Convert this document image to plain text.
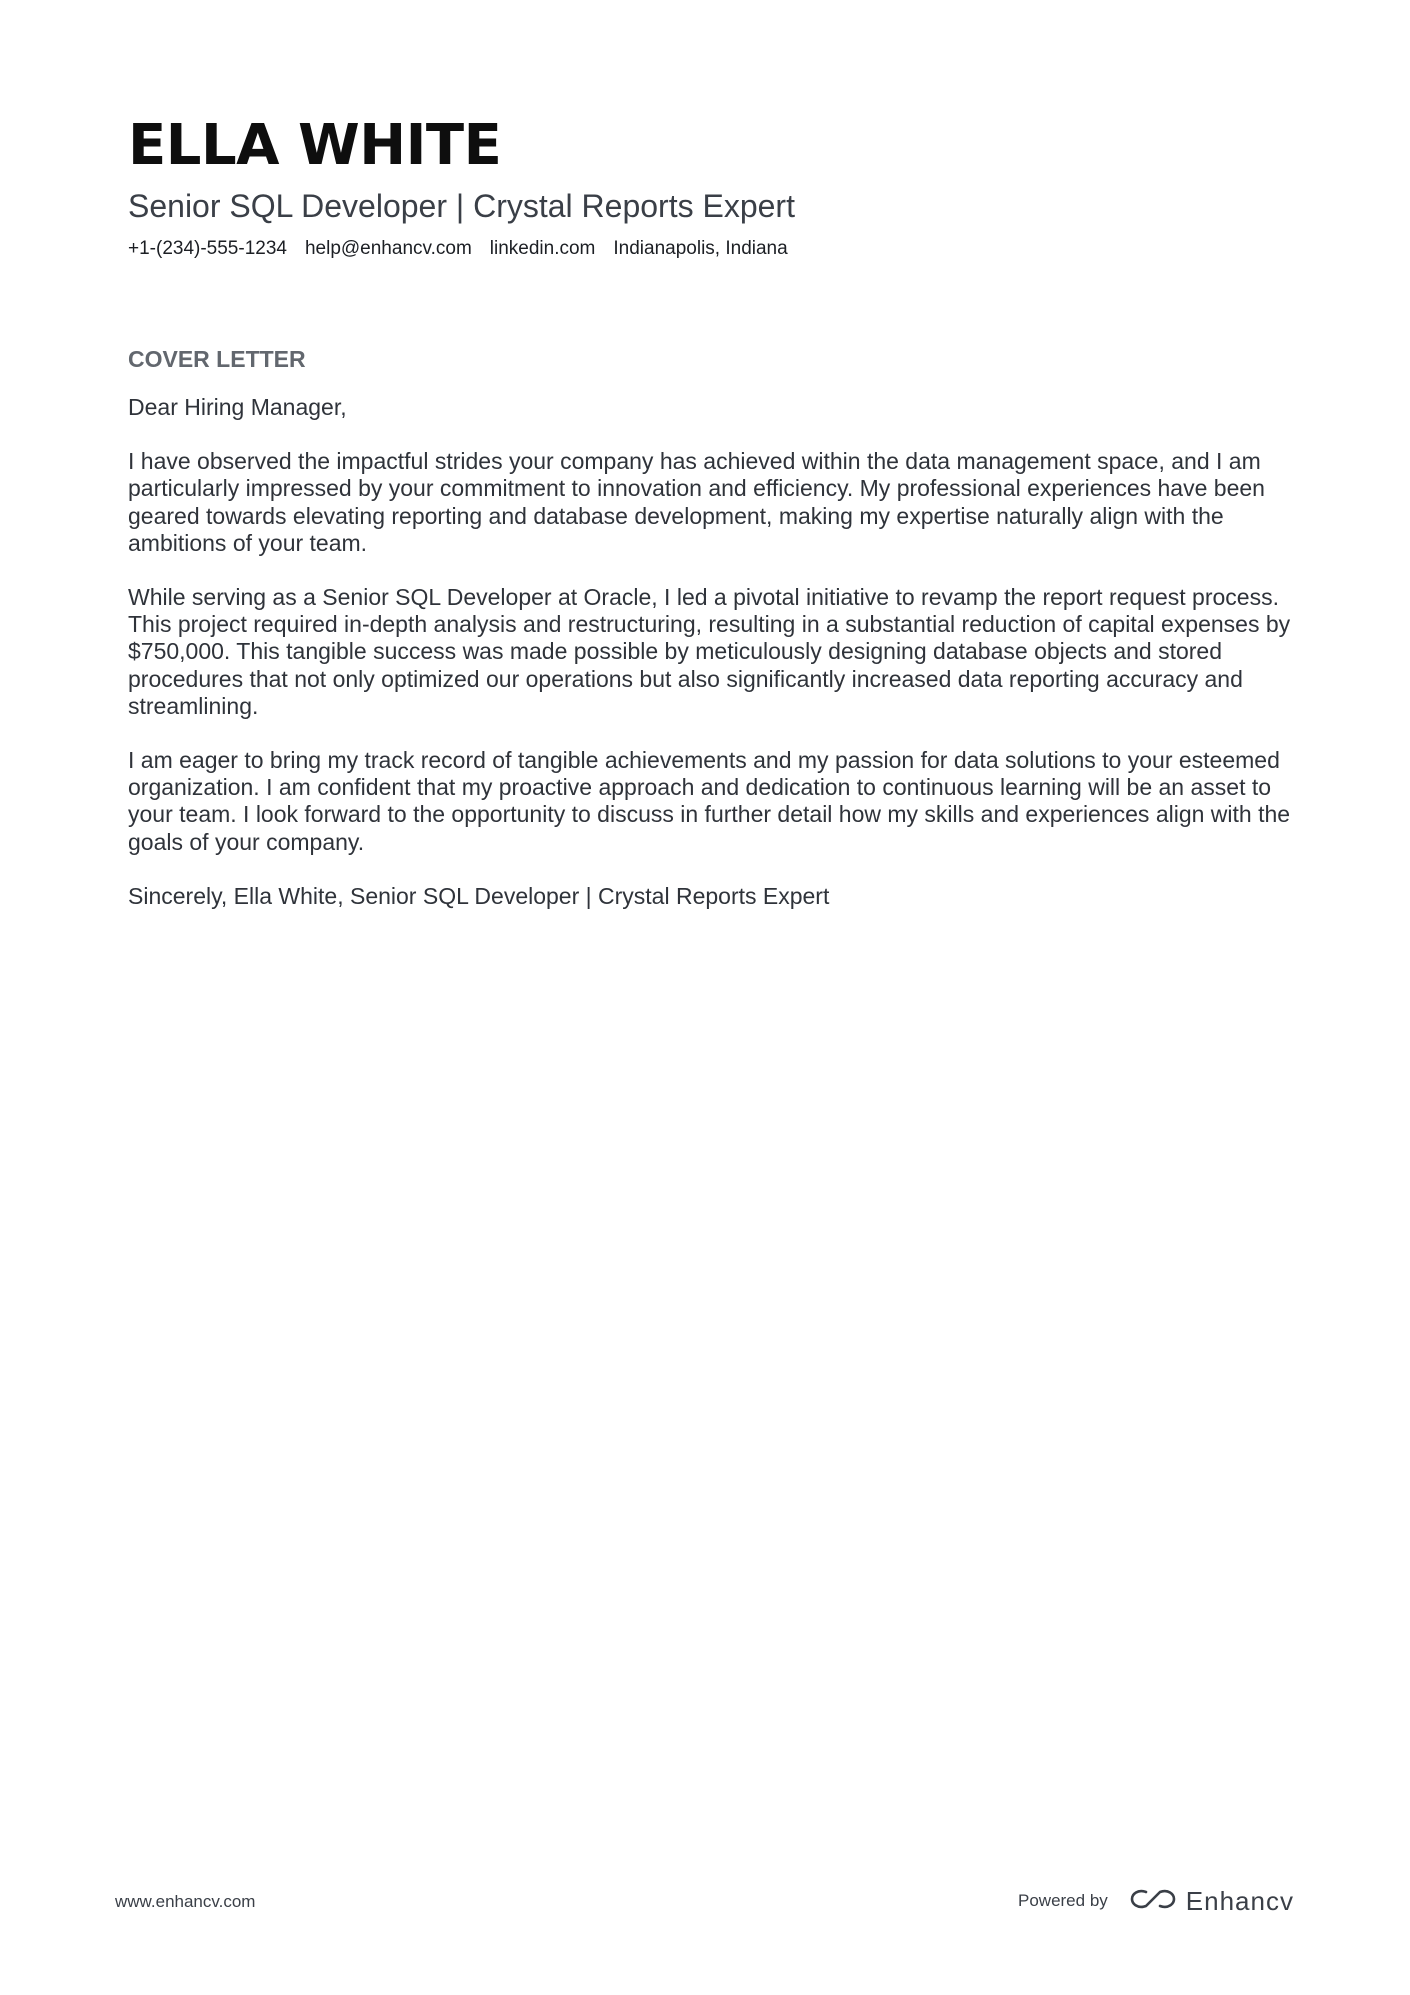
ELLA WHITE

Senior SQL Developer | Crystal Reports Expert

+1-(234)-555-1234 help@enhancv.com linkedin.com Indianapolis, Indiana
COVER LETTER

Dear Hiring Manager,

I have observed the impactful strides your company has achieved within the data management space, and I am particularly impressed by your commitment to innovation and efficiency. My professional experiences have been geared towards elevating reporting and database development, making my expertise naturally align with the ambitions of your team.

While serving as a Senior SQL Developer at Oracle, I led a pivotal initiative to revamp the report request process. This project required in-depth analysis and restructuring, resulting in a substantial reduction of capital expenses by $750,000. This tangible success was made possible by meticulously designing database objects and stored procedures that not only optimized our operations but also significantly increased data reporting accuracy and streamlining.

I am eager to bring my track record of tangible achievements and my passion for data solutions to your esteemed organization. I am confident that my proactive approach and dedication to continuous learning will be an asset to your team. I look forward to the opportunity to discuss in further detail how my skills and experiences align with the goals of your company.

Sincerely, Ella White, Senior SQL Developer | Crystal Reports Expert

www.enhancv.com	Powered by	Enhancv
